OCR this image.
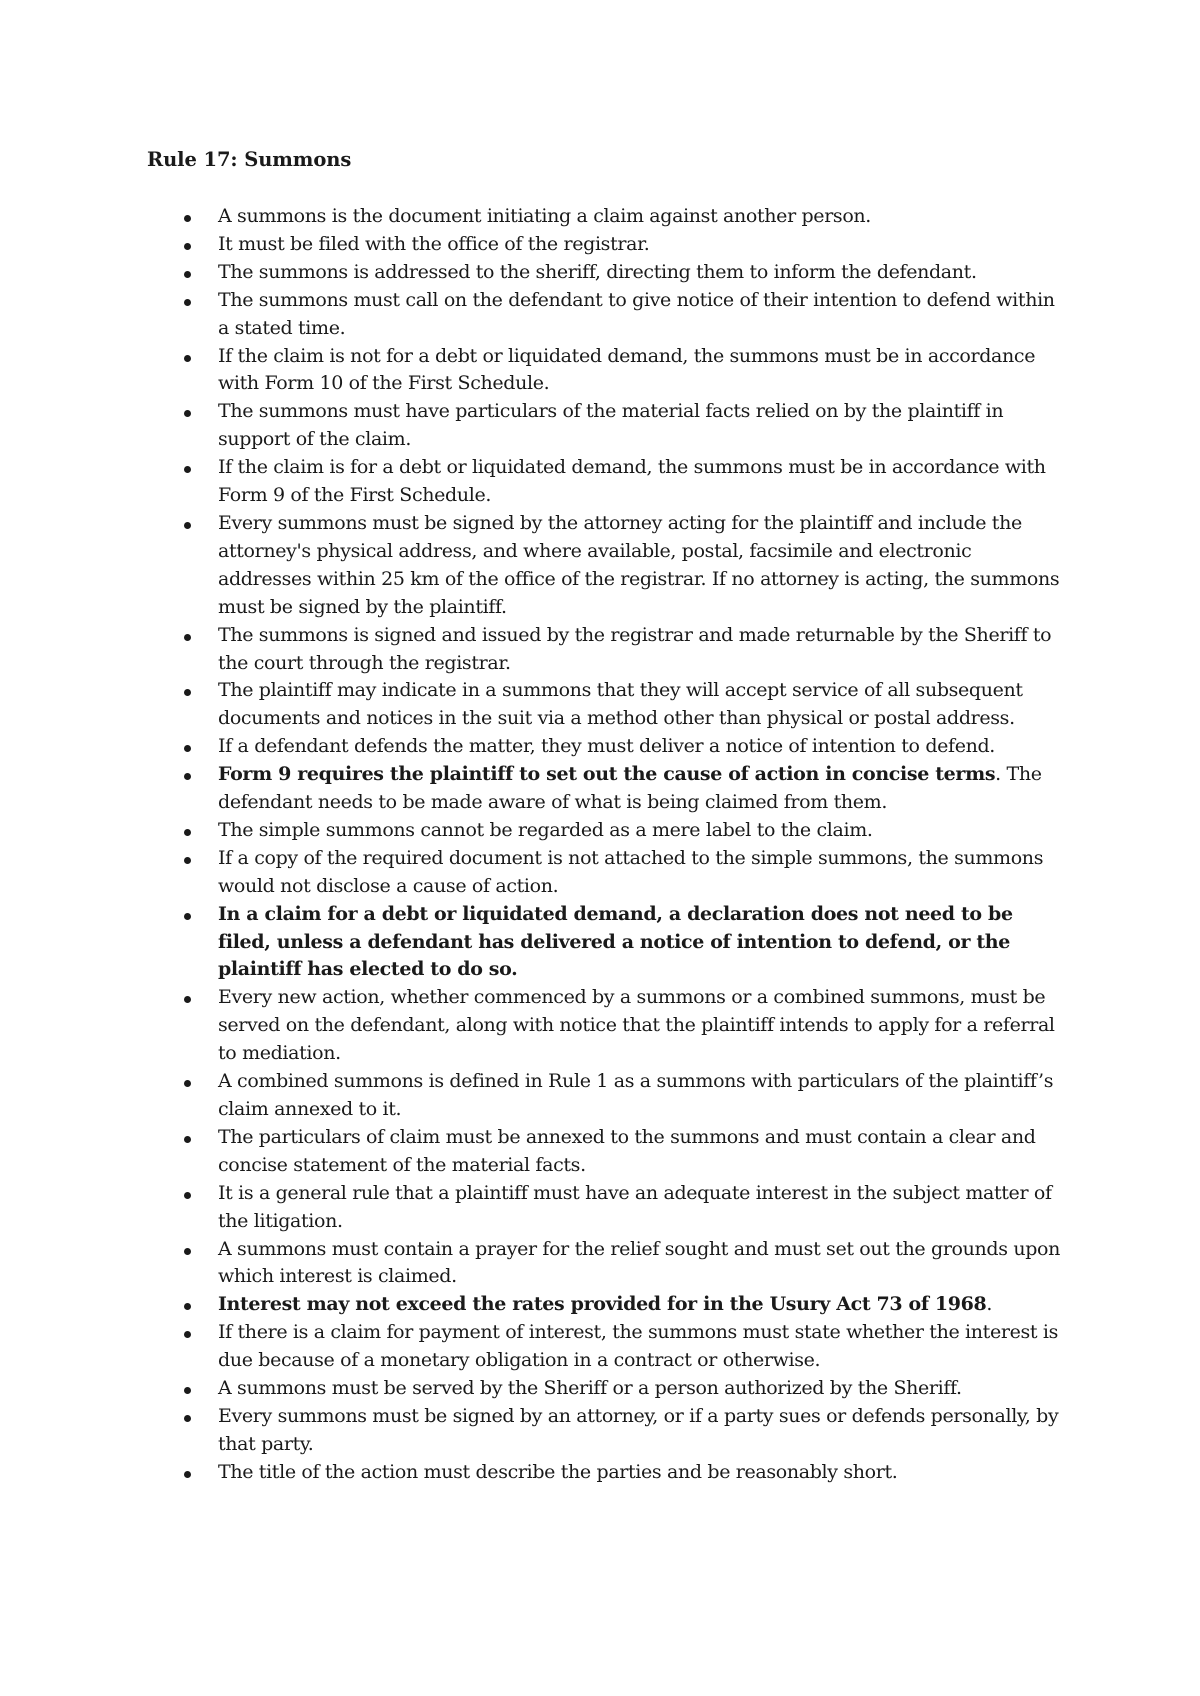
Rule 17: Summons
A summons is the document initiating a claim against another person.
It must be filed with the office of the registrar.
The summons is addressed to the sheriff, directing them to inform the defendant.
The summons must call on the defendant to give notice of their intention to defend within a stated time.
If the claim is not for a debt or liquidated demand, the summons must be in accordance with Form 10 of the First Schedule.
The summons must have particulars of the material facts relied on by the plaintiff in support of the claim.
If the claim is for a debt or liquidated demand, the summons must be in accordance with Form 9 of the First Schedule.
Every summons must be signed by the attorney acting for the plaintiff and include the attorney's physical address, and where available, postal, facsimile and electronic addresses within 25 km of the office of the registrar. If no attorney is acting, the summons must be signed by the plaintiff.
The summons is signed and issued by the registrar and made returnable by the Sheriff to the court through the registrar.
The plaintiff may indicate in a summons that they will accept service of all subsequent documents and notices in the suit via a method other than physical or postal address.
If a defendant defends the matter, they must deliver a notice of intention to defend.
Form 9 requires the plaintiff to set out the cause of action in concise terms. The defendant needs to be made aware of what is being claimed from them.
The simple summons cannot be regarded as a mere label to the claim.
If a copy of the required document is not attached to the simple summons, the summons would not disclose a cause of action.
In a claim for a debt or liquidated demand, a declaration does not need to be filed, unless a defendant has delivered a notice of intention to defend, or the plaintiff has elected to do so.
Every new action, whether commenced by a summons or a combined summons, must be served on the defendant, along with notice that the plaintiff intends to apply for a referral to mediation.
A combined summons is defined in Rule 1 as a summons with particulars of the plaintiff’s claim annexed to it.
The particulars of claim must be annexed to the summons and must contain a clear and concise statement of the material facts.
It is a general rule that a plaintiff must have an adequate interest in the subject matter of the litigation.
A summons must contain a prayer for the relief sought and must set out the grounds upon which interest is claimed.
Interest may not exceed the rates provided for in the Usury Act 73 of 1968.
If there is a claim for payment of interest, the summons must state whether the interest is due because of a monetary obligation in a contract or otherwise.
A summons must be served by the Sheriff or a person authorized by the Sheriff.
Every summons must be signed by an attorney, or if a party sues or defends personally, by that party.
The title of the action must describe the parties and be reasonably short.
